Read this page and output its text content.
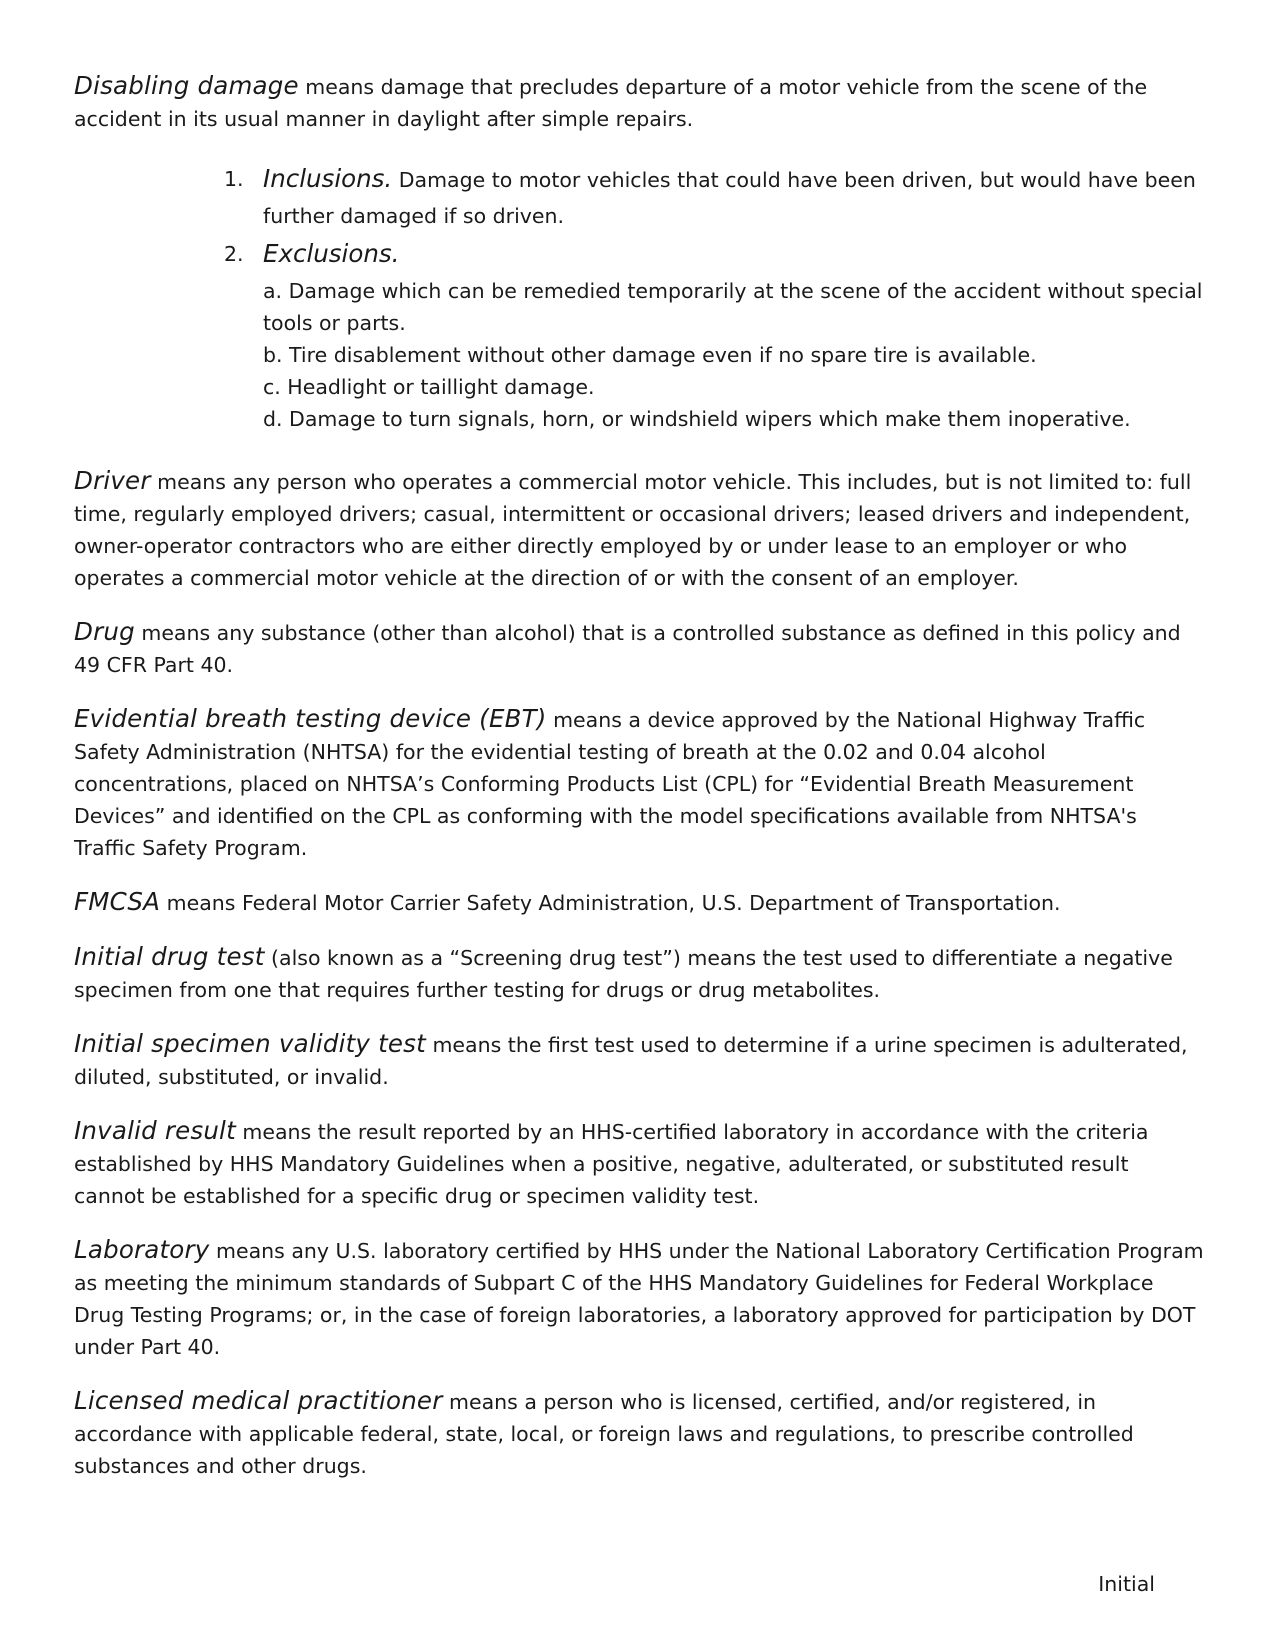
Disabling damage means damage that precludes departure of a motor vehicle from the scene of the accident in its usual manner in daylight after simple repairs.

1. Inclusions. Damage to motor vehicles that could have been driven, but would have been further damaged if so driven.
2. Exclusions.
a. Damage which can be remedied temporarily at the scene of the accident without special tools or parts.
b. Tire disablement without other damage even if no spare tire is available.
c. Headlight or taillight damage.
d. Damage to turn signals, horn, or windshield wipers which make them inoperative.

Driver means any person who operates a commercial motor vehicle. This includes, but is not limited to: full time, regularly employed drivers; casual, intermittent or occasional drivers; leased drivers and independent, owner-operator contractors who are either directly employed by or under lease to an employer or who operates a commercial motor vehicle at the direction of or with the consent of an employer.

Drug means any substance (other than alcohol) that is a controlled substance as defined in this policy and 49 CFR Part 40.

Evidential breath testing device (EBT) means a device approved by the National Highway Traffic Safety Administration (NHTSA) for the evidential testing of breath at the 0.02 and 0.04 alcohol concentrations, placed on NHTSA’s Conforming Products List (CPL) for “Evidential Breath Measurement Devices” and identified on the CPL as conforming with the model specifications available from NHTSA's Traffic Safety Program.

FMCSA means Federal Motor Carrier Safety Administration, U.S. Department of Transportation.

Initial drug test (also known as a “Screening drug test”) means the test used to differentiate a negative specimen from one that requires further testing for drugs or drug metabolites.

Initial specimen validity test means the first test used to determine if a urine specimen is adulterated, diluted, substituted, or invalid.

Invalid result means the result reported by an HHS-certified laboratory in accordance with the criteria established by HHS Mandatory Guidelines when a positive, negative, adulterated, or substituted result cannot be established for a specific drug or specimen validity test.

Laboratory means any U.S. laboratory certified by HHS under the National Laboratory Certification Program as meeting the minimum standards of Subpart C of the HHS Mandatory Guidelines for Federal Workplace Drug Testing Programs; or, in the case of foreign laboratories, a laboratory approved for participation by DOT under Part 40.

Licensed medical practitioner means a person who is licensed, certified, and/or registered, in accordance with applicable federal, state, local, or foreign laws and regulations, to prescribe controlled substances and other drugs.

Initial
